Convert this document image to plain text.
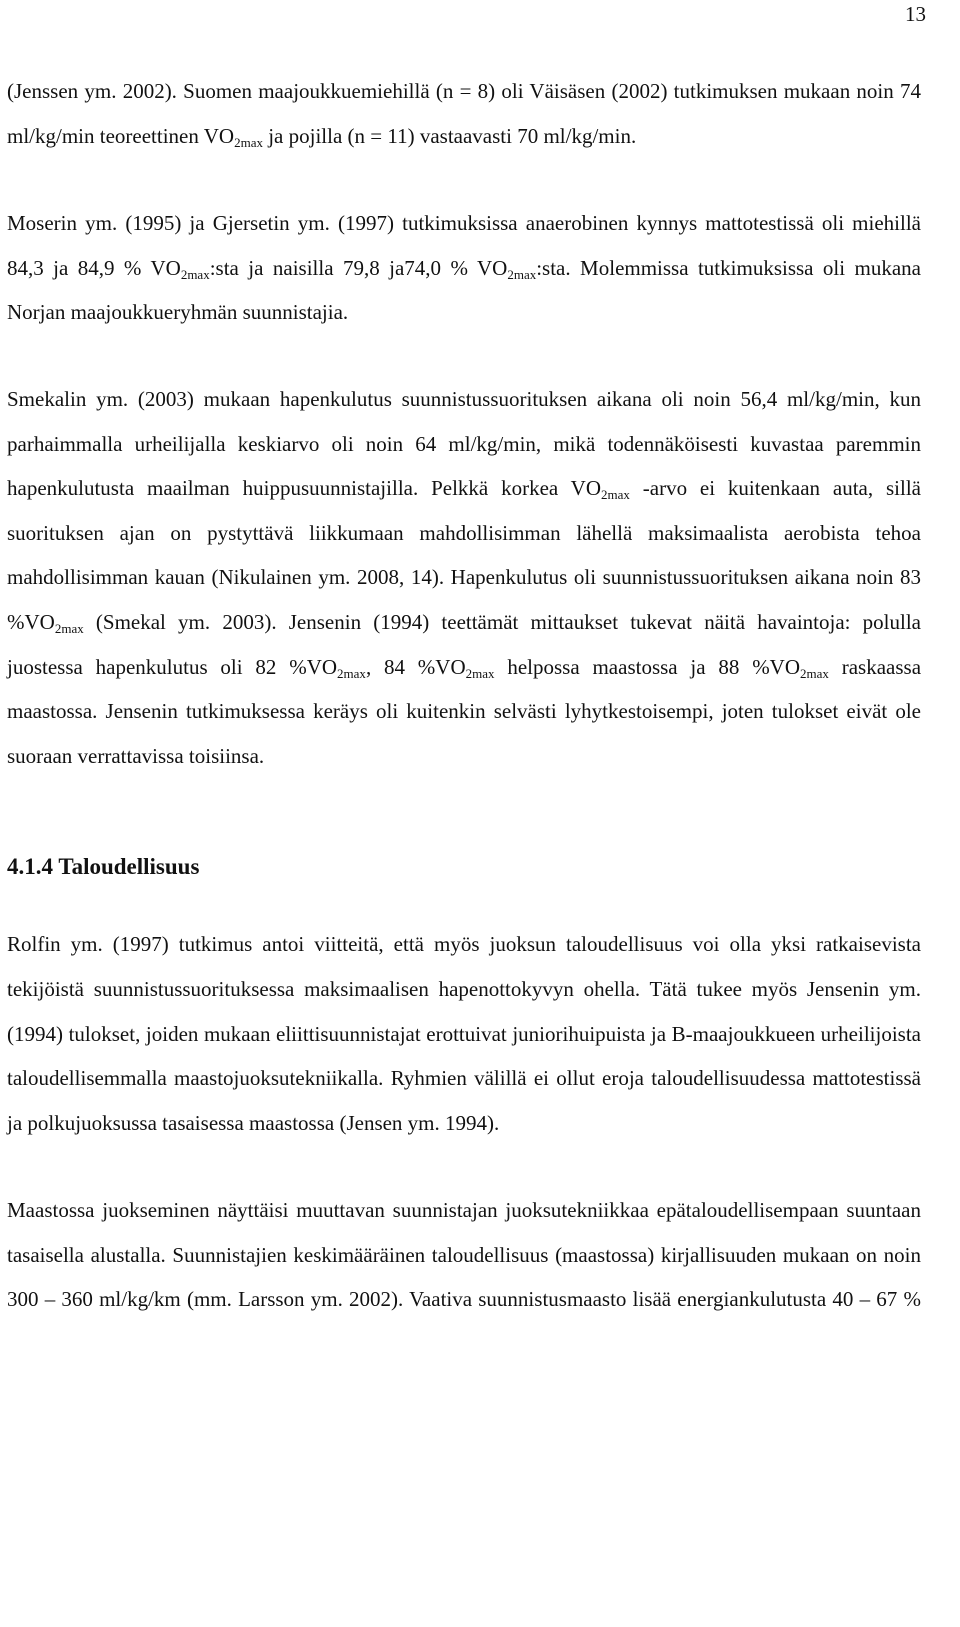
13

(Jenssen ym. 2002). Suomen maajoukkuemiehillä (n = 8) oli Väisäsen (2002) tutkimuksen mukaan noin 74 ml/kg/min teoreettinen $VO_{2max}$ ja pojilla (n = 11) vastaavasti 70 ml/kg/min.

Moserin ym. (1995) ja Gjersetin ym. (1997) tutkimuksissa anaerobinen kynnys mattotestissä oli miehillä 84,3 ja 84,9 % $VO_{2max}:sta$ ja naisilla 79,8 ja74,0 % $VO_{2max}:sta$. Molemmissa tutkimuksissa oli mukana Norjan maajoukkueryhmän suunnistajia.

Smekalin ym. (2003) mukaan hapenkulutus suunnistussuorituksen aikana oli noin 56,4 ml/kg/min, kun parhaimmalla urheilijalla keskiarvo oli noin 64 ml/kg/min, mikä todennäköisesti kuvastaa paremmin hapenkulutusta maailman huippusuunnistajilla. Pelkkä korkea $VO_{2max}$ -arvo ei kuitenkaan auta, sillä suorituksen ajan on pystyttävä liikkumaan mahdollisimman lähellä maksimaalista aerobista tehoa mahdollisimman kauan (Nikulainen ym. 2008, 14). Hapenkulutus oli suunnistussuorituksen aikana noin 83 $\%VO_{2max}$ (Smekal ym. 2003). Jensenin (1994) teettämät mittaukset tukevat näitä havaintoja: polulla juostessa hapenkulutus oli 82 $\%VO_{2max}$, 84 $\%VO_{2max}$ helpossa maastossa ja 88 $\%VO_{2max}$ raskaassa maastossa. Jensenin tutkimuksessa keräys oli kuitenkin selvästi lyhytkestoisempi, joten tulokset eivät ole suoraan verrattavissa toisiinsa.

4.1.4 Taloudellisuus

Rolfin ym. (1997) tutkimus antoi viitteitä, että myös juoksun taloudellisuus voi olla yksi ratkaisevista tekijöistä suunnistussuorituksessa maksimaalisen hapenottokyvyn ohella. Tätä tukee myös Jensenin ym. (1994) tulokset, joiden mukaan eliittisuunnistajat erottuivat juniorihuipuista ja B-maajoukkueen urheilijoista taloudellisemmalla maastojuoksutekniikalla. Ryhmien välillä ei ollut eroja taloudellisuudessa mattotestissä ja polkujuoksussa tasaisessa maastossa (Jensen ym. 1994).

Maastossa juokseminen näyttäisi muuttavan suunnistajan juoksutekniikkaa epätaloudellisempaan suuntaan tasaisella alustalla. Suunnistajien keskimääräinen taloudellisuus (maastossa) kirjallisuuden mukaan on noin 300 – 360 ml/kg/km (mm. Larsson ym. 2002). Vaativa suunnistusmaasto lisää energiankulutusta 40 – 67 %
